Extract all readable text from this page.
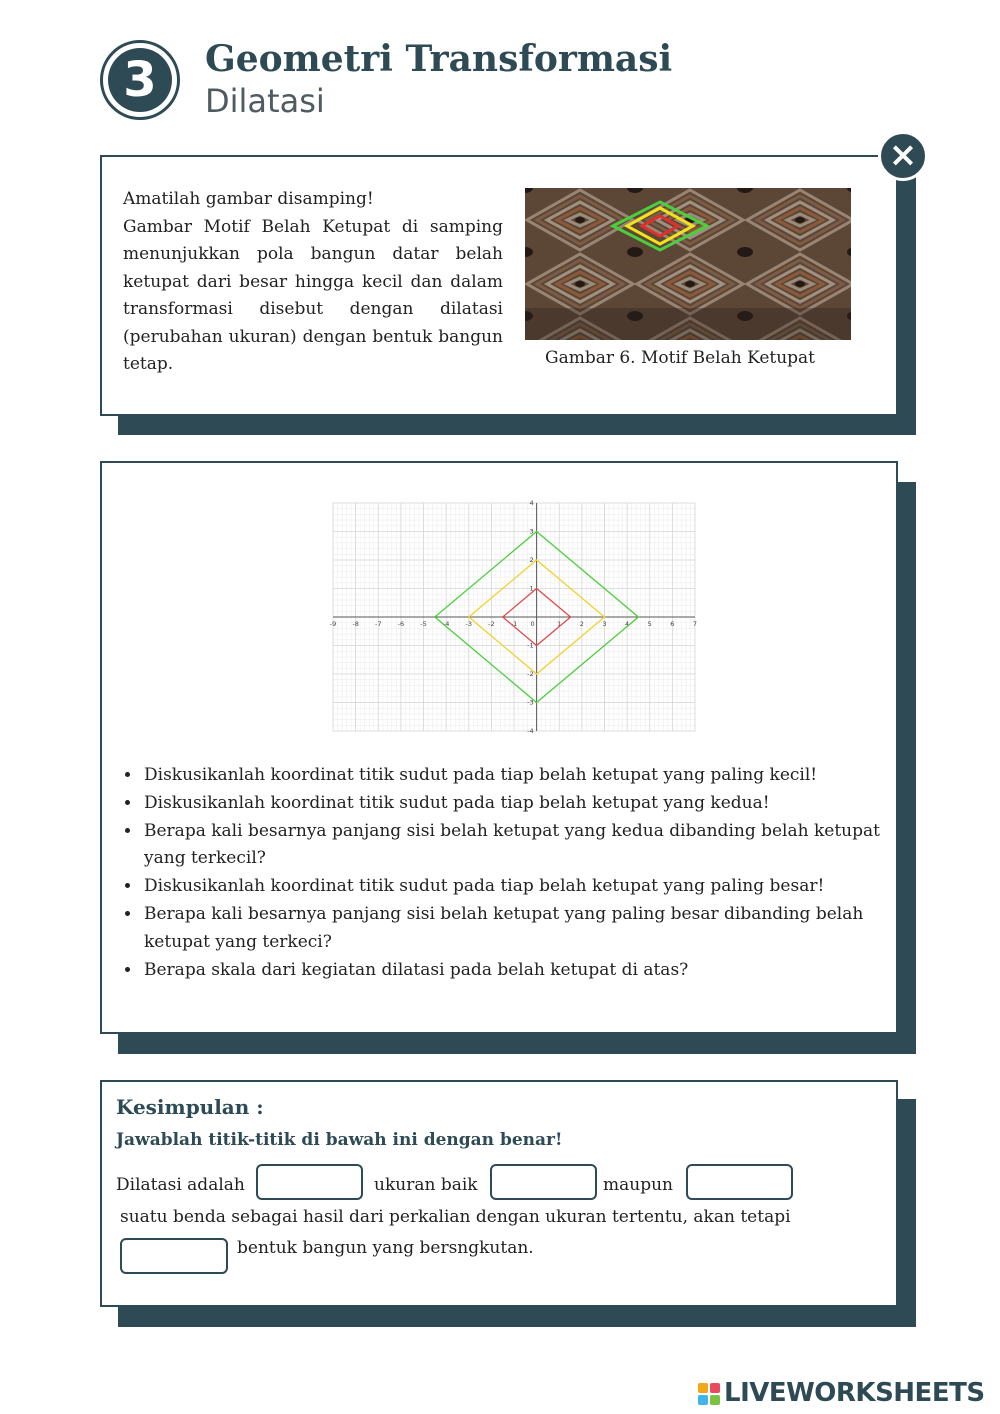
3	Geometri Transformasi
Dilatasi
×
Amatilah gambar disamping!
Gambar Motif Belah Ketupat di samping menunjukkan pola bangun datar belah ketupat dari besar hingga kecil dan dalam transformasi disebut dengan dilatasi (perubahan ukuran) dengan bentuk bangun tetap.	Gambar 6. Motif Belah Ketupat
-9 -8 -7 -6 -5 -4 -3 -2 -1 0	1	2	3	4	5	6	7
-4
-3
-2
-1
1
2
3
4
• Diskusikanlah koordinat titik sudut pada tiap belah ketupat yang paling kecil!
• Diskusikanlah koordinat titik sudut pada tiap belah ketupat yang kedua!
• Berapa kali besarnya panjang sisi belah ketupat yang kedua dibanding belah ketupat yang terkecil?
• Diskusikanlah koordinat titik sudut pada tiap belah ketupat yang paling besar!
• Berapa kali besarnya panjang sisi belah ketupat yang paling besar dibanding belah ketupat yang terkeci?
• Berapa skala dari kegiatan dilatasi pada belah ketupat di atas?
Kesimpulan :
Jawablah titik-titik di bawah ini dengan benar!
Dilatasi adalah	ukuran baik	maupun
suatu benda sebagai hasil dari perkalian dengan ukuran tertentu, akan tetapi
bentuk bangun yang bersngkutan.
LIVEWORKSHEETS
